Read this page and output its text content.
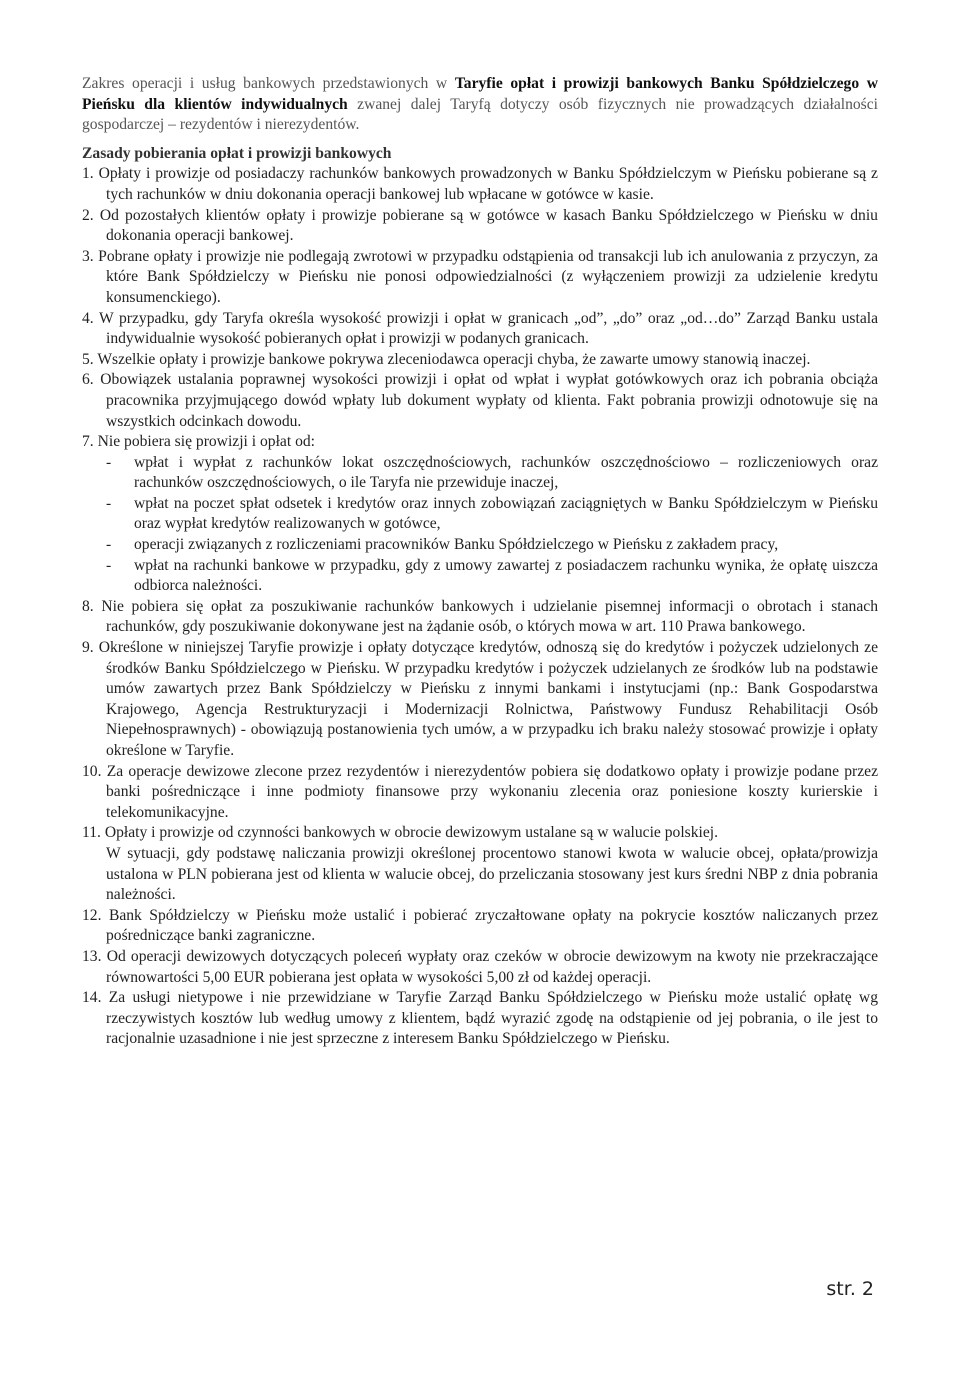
Zakres operacji i usług bankowych przedstawionych w Taryfie opłat i prowizji bankowych Banku Spółdzielczego w Pieńsku dla klientów indywidualnych zwanej dalej Taryfą dotyczy osób fizycznych nie prowadzących działalności gospodarczej – rezydentów i nierezydentów.
Zasady pobierania opłat i prowizji bankowych
1. Opłaty i prowizje od posiadaczy rachunków bankowych prowadzonych w Banku Spółdzielczym w Pieńsku pobierane są z tych rachunków w dniu dokonania operacji bankowej lub wpłacane w gotówce w kasie.
2. Od pozostałych klientów opłaty i prowizje pobierane są w gotówce w kasach Banku Spółdzielczego w Pieńsku w dniu dokonania operacji bankowej.
3. Pobrane opłaty i prowizje nie podlegają zwrotowi w przypadku odstąpienia od transakcji lub ich anulowania z przyczyn, za które Bank Spółdzielczy w Pieńsku nie ponosi odpowiedzialności (z wyłączeniem prowizji za udzielenie kredytu konsumenckiego).
4. W przypadku, gdy Taryfa określa wysokość prowizji i opłat w granicach „od”, „do” oraz „od…do” Zarząd Banku ustala indywidualnie wysokość pobieranych opłat i prowizji w podanych granicach.
5. Wszelkie opłaty i prowizje bankowe pokrywa zleceniodawca operacji chyba, że zawarte umowy stanowią inaczej.
6. Obowiązek ustalania poprawnej wysokości prowizji i opłat od wpłat i wypłat gotówkowych oraz ich pobrania obciąża pracownika przyjmującego dowód wpłaty lub dokument wypłaty od klienta. Fakt pobrania prowizji odnotowuje się na wszystkich odcinkach dowodu.
7. Nie pobiera się prowizji i opłat od:
-	wpłat i wypłat z rachunków lokat oszczędnościowych, rachunków oszczędnościowo – rozliczeniowych oraz rachunków oszczędnościowych, o ile Taryfa nie przewiduje inaczej,
-	wpłat na poczet spłat odsetek i kredytów oraz innych zobowiązań zaciągniętych w Banku Spółdzielczym w Pieńsku oraz wypłat kredytów realizowanych w gotówce,
-	operacji związanych z rozliczeniami pracowników Banku Spółdzielczego w Pieńsku z zakładem pracy,
-	wpłat na rachunki bankowe w przypadku, gdy z umowy zawartej z posiadaczem rachunku wynika, że opłatę uiszcza odbiorca należności.
8. Nie pobiera się opłat za poszukiwanie rachunków bankowych i udzielanie pisemnej informacji o obrotach i stanach rachunków, gdy poszukiwanie dokonywane jest na żądanie osób, o których mowa w art. 110 Prawa bankowego.
9. Określone w niniejszej Taryfie prowizje i opłaty dotyczące kredytów, odnoszą się do kredytów i pożyczek udzielonych ze środków Banku Spółdzielczego w Pieńsku. W przypadku kredytów i pożyczek udzielanych ze środków lub na podstawie umów zawartych przez Bank Spółdzielczy w Pieńsku z innymi bankami i instytucjami (np.: Bank Gospodarstwa Krajowego, Agencja Restrukturyzacji i Modernizacji Rolnictwa, Państwowy Fundusz Rehabilitacji Osób Niepełnosprawnych) - obowiązują postanowienia tych umów, a w przypadku ich braku należy stosować prowizje i opłaty określone w Taryfie.
10. Za operacje dewizowe zlecone przez rezydentów i nierezydentów pobiera się dodatkowo opłaty i prowizje podane przez banki pośredniczące i inne podmioty finansowe przy wykonaniu zlecenia oraz poniesione koszty kurierskie i telekomunikacyjne.
11. Opłaty i prowizje od czynności bankowych w obrocie dewizowym ustalane są w walucie polskiej.
W sytuacji, gdy podstawę naliczania prowizji określonej procentowo stanowi kwota w walucie obcej, opłata/prowizja ustalona w PLN pobierana jest od klienta w walucie obcej, do przeliczania stosowany jest kurs średni NBP z dnia pobrania należności.
12. Bank Spółdzielczy w Pieńsku może ustalić i pobierać zryczałtowane opłaty na pokrycie kosztów naliczanych przez pośredniczące banki zagraniczne.
13. Od operacji dewizowych dotyczących poleceń wypłaty oraz czeków w obrocie dewizowym na kwoty nie przekraczające równowartości 5,00 EUR pobierana jest opłata w wysokości 5,00 zł od każdej operacji.
14. Za usługi nietypowe i nie przewidziane w Taryfie Zarząd Banku Spółdzielczego w Pieńsku może ustalić opłatę wg rzeczywistych kosztów lub według umowy z klientem, bądź wyrazić zgodę na odstąpienie od jej pobrania, o ile jest to racjonalnie uzasadnione i nie jest sprzeczne z interesem Banku Spółdzielczego w Pieńsku.
str. 2
